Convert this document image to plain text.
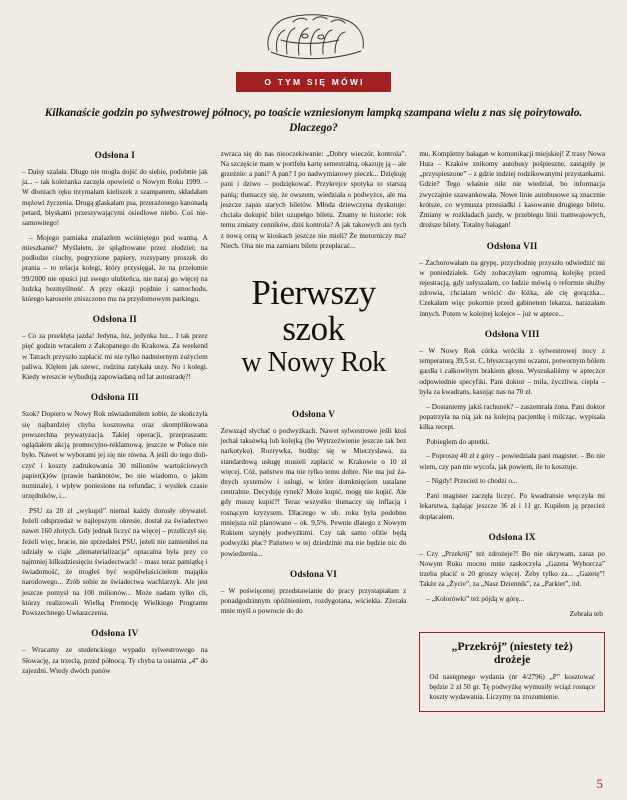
O TYM SIĘ MÓWI
Kilkanaście godzin po sylwestrowej północy, po toaście wzniesionym lampką szampana wielu z nas się poirytowało. Dlaczego?
Odsłona I

– Daisy szalała. Długo nie mogła dojść do siebie, podobnie jak ja... – tak koleżanka zaczęła opowieść o Nowym Roku 1999. – W dłoniach ręku trzymałam kieliszek z szampanem, składałam mężowi życzenia. Drugą glaskałam psa, przerażonego kanonadą petard, błyskami przeszywającymi osiedlowe niebo. Coś niesamowitego!

– Mojego pamiaka znalazłem wciśniętego pod wanną. A mieszkanie? Myślałem, że splądrowane przez złodziei; na podłodze ciuchy, pogryzione papiery, rozsypany proszek do prania – to relacja kolegi, który przysięgał, że na przełomie 99/2000 nie opuści już swego ulubieńca, nie naraj go więcej na ludzką bezmyślność. A przy okazji pojdnie i samochodu, którego karoserie zniszczono mu na przydomowym parkingu.

Odsłona II

– Co za przeklęta jazda! Jedyna, luz, jedynka luz... I tak przez pięć godzin wracałem z Zakopanego do Krakowa. Za weekend w Tatrach przyszło zapłacić mi nie tylko nadmiernym zużyciem paliwa. Klęłem jak szewc, rodzina zatykała uszy. No i kolegi. Kiedy wreszcie wybudują zapowiadaną od lat autostradę?!

Odsłona III

Szok? Dopiero w Nowy Rok uświadomiłem sobie, że skończyła się najbardziej chyba kosztowna oraz skomplikowana powszechna prywatyzacja. Takiej operacji, przepraszam: oglądałem akcją promocyjno-reklamową, jeszcze w Polsce nie było. Nawet w wyborami jej się nie równa. A jeśli do tego doliczyć i koszty zadrukowania 30 milionów wartościowych papier(k)ów (prawie banknotów, bo nie wiadomo, o jakim nominale), i wpływ poniesione na refundac, i wysiłek czasie urzędników, i...

PSU za 20 zł „wykupił” niemal każdy dorosły obywatel. Jeżeli odsprzedaż w najlepszym okresie, dostał za świadectwo nawet 160 złotych. Gdy jednak liczyć na więcej – przeliczył się. Jeżeli więc, bracie, nie sprzedałeś PSU, jeżeli nie zamieniłeś na udziały w ciąle „dematerializacja” optacalna była przy co najmniej kilkudziesięciu świadectwach! – masz teraz pamiątkę i świadomość, że mogłeś być współwłaścicielem majątku narodowego... Zrób sobie ze świadectwa wachlarzyk. Ale jest jeszcze pomysł na 100 milionów... Może nadam tylko cli, którzy realizowali Wielką Promocję Wielkiego Programu Powszechnego Uwłaszczenia.

Odsłona IV

– Wracamy ze studenckiego wypadu sylwestrowego na Słowację, za trzecią, przed północą. Ty chyba ta ostatnia „4” do zajezdni. Wtedy dwóch panów

zwraca się do nas nieoczekiwanie: „Dobry wieczór, kontrola”. Na szczęście mam w portfelu kartę semestralną, okazuję ją – ale grzeżnie: a pani? A pan? I po nadwymiarowy pieczk... Dziękuję pani i dziwo – podziękować. Przykrejce spotyka to starszą panią; tłumaczy się, że owszem, wiedziała o podwyżce, ale ma jeszcze zapas starych biletów. Młoda dziewczyna dyskutuje: chciała dokupić bilet uzupełgo biletu. Znamy te historie: rok temu zmiany cenników, dziś kontrola? A jak takowych ani tych z nową ceną w kioskach jeszcze nie mieli? Że motorniczy ma? Niech. Ona nie ma zamiaru biletu przepłacać...

Pierwszy
szok
w Nowy Rok
Odsłona V

Zewsząd słychać o podwyżkach. Nawet sylwestrowe jeśli ktoś jechał taksówką lub kolejką (bo Wytrzeźwienie jeszcze tak bez narkotyku). Rozrywka, budżęc się w Mieczysława, za standardową usługę musieli zapłacić w Krakowie o 10 zł więcej. Cóż, państwo ma nie tylko temu dobre. Nie ma już żadnych systemów i usługi, w które domknięciem ustalane centralnie. Decyduję rynek? Może kupić, mogę nie kupić. Ale gdy muszę kupić?! Teraz wszystko tłumaczy się inflacją i rosnącym kryzysem. Dlaczego w ub. roku była podobno mniejsza niż planowano – ok. 9,5%. Pewnie dlatego z Nowym Rokiem szynęły podwyżkimi. Czy tak samo ofitie będą podwyżki płac? Państwo w tej dziedzinie ma nie będzie nic do powiedzenia...

Odsłona VI

– W poświęcenej przedstawianie do pracy przystapiałam z ponadgodzinnym opóźnieniem, rozdygotana, wściekła. Zżerała mnie myśl o powrocie do do

mu. Kompletny bałagan w komunikacji miejskiej! Z trasy Nowa Huta – Kraków znikomy autobusy pośpieszne, zastąpiły je „przyspieszone” – z gdzie indziej rodzikowanymi przystankami. Gdzie? Tego właśnie nikt nie wiedział, bo informacja zwyczajnie szawankowała. Nowe linie autobusowe są znacznie krótsze, co wymusza przesiadki i kasowanie drugiego biletu. Zmiany w rozkładach jazdy, w przebiegu linii tramwajowych, droższe bilety. Totalny bałagan!

Odsłona VII

– Zachorowałam na grypę, przychodnię przyszło odwiedzić mi w poniedziałek. Gdy zobaczyłam ogromną kolejkę przed rejestracją, gdy usłyszałam, co ludzie mówią o reformie służby zdrowia, chciałam wrócić do łóżka, ale cię gorączka... Czekałam więc pokornie przed gabinetem lekarza, narazałam innych. Potem w kolejnej kolejce – już w aptece...

Odsłona VIII

– W Nowy Rok córka wróciła z sylwestrowej nocy z temperaturą 39,5 st. C, błyszczącymi oczami, potwornym bólem gardła i całkowitym brakiem głosu. Wyszukaliśmy w apteczce odpowiednie specyfiki. Pani doktor – miła, życzliwa, ciepła – była za kwadrans, kasując nas na 70 zł.

– Dostaniemy jakiś rachunek? – zaszemrała żona. Pani doktor popatrzyła na nią jak na kolejną pacjentkę i milcząc, wypisała kilka recept.

Pobieglem do aptetki.

– Poproszę 40 zł z góry – powiedziała pani magister. – Bo nie wiem, czy pan nie wycofa, jak powiem, ile to kosztuje.

– Nigdy! Przecież to chodzi o...

Pani magister zaczęła liczyć. Po kwadransie wręczyła mi lekarstwa, żądając jeszcze 36 zł i 11 gr. Kupiłem ją przecież dopłacałem.

Odsłona IX

– Czy „Przekrój” też zdrożeje?! Bo nie ukrywam, zaraz po Nowym Roku mocno mnie zaskoczyła „Gazeta Wyborcza” trzeba płacić o 20 groszy więcej. Żeby tylko za... „Gazetę”! Także za „Życie”, za „Nasz Dziennik”, za „Parkiet”, itd.

– „Kolorówki” też pójdą w górę...

Zebrała teb
„Przekrój” (niestety też)
drożeje
Od następnego wydania (nr 4/2796) „P” kosztować będzie 2 zł 50 gr. Tę podwyżkę wymusiły wciąż rosnące koszty wydawania. Liczymy na zrozumienie.
5
